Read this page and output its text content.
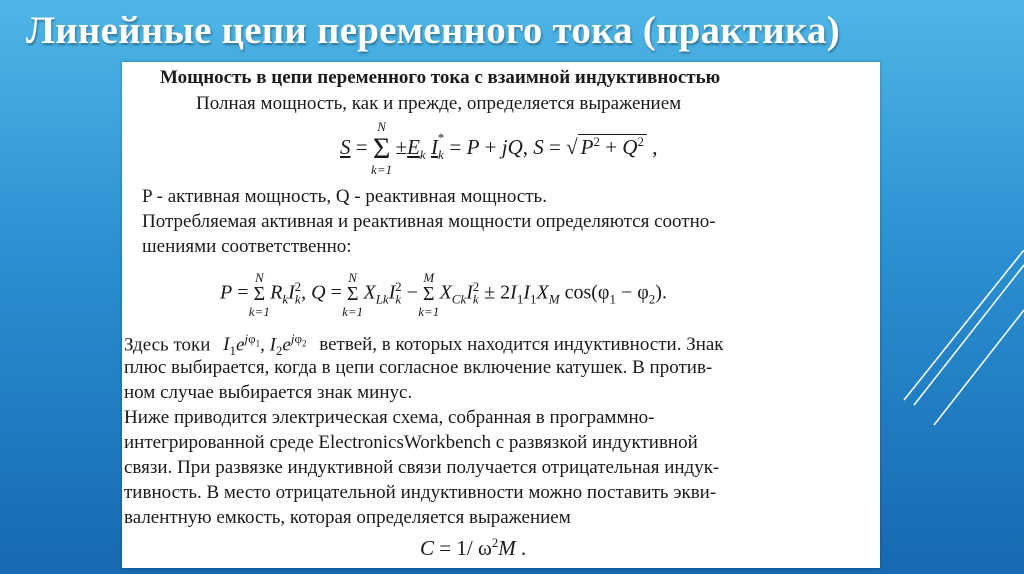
Линейные цепи переменного тока (практика)
Мощность в цепи переменного тока с взаимной индуктивностью
Полная мощность, как и прежде, определяется выражением
S = Σ
N
k=1
$\pm E_k$ $I_k^* = P$ + jQ, S = √ $P^2 + Q^2$ ,
P - активная мощность, Q - реактивная мощность.
Потребляемая активная и реактивная мощности определяются соотно-
шениями соответственно:
P = Σ
N
k=1
$R_kI_k^2$, Q = Σ
N
k=1
$X_{Lk}I_k^2 - \Sigma$
M
k=1
$X_{Ck}I_k^2 \pm 2I_1I_1X_M$ $\cos(\varphi_1 - \varphi_2)$.
Здесь токи $I_1e^{j\varphi_1}$, $I_2e^{j\varphi_2}$ ветвей, в которых находится индуктивности. Знак
плюс выбирается, когда в цепи согласное включение катушек. В против-
ном случае выбирается знак минус.
Ниже приводится электрическая схема, собранная в программно-
интегрированной среде ElectronicsWorkbench с развязкой индуктивной
связи. При развязке индуктивной связи получается отрицательная индук-
тивность. В место отрицательной индуктивности можно поставить экви-
валентную емкость, которая определяется выражением
C = 1/ $\omega^2M$ .
